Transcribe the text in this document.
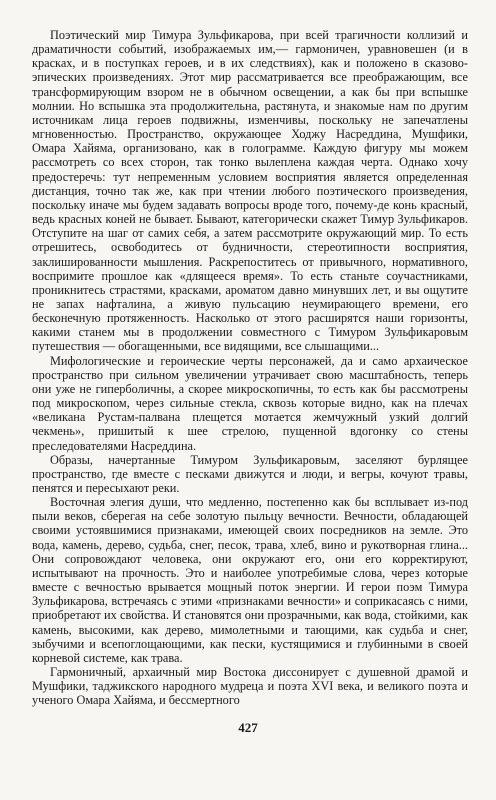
Поэтический мир Тимура Зульфикарова, при всей трагичности коллизий и драматичности событий, изображаемых им,— гармоничен, уравновешен (и в красках, и в поступках героев, и в их следствиях), как и положено в сказово-эпических произведениях. Этот мир рассматривается все преображающим, все трансформирующим взором не в обычном освещении, а как бы при вспышке молнии. Но вспышка эта продолжительна, растянута, и знакомые нам по другим источникам лица героев подвижны, изменчивы, поскольку не запечатлены мгновенностью. Пространство, окружающее Ходжу Насреддина, Мушфики, Омара Хайяма, организовано, как в голограмме. Каждую фигуру мы можем рассмотреть со всех сторон, так тонко вылеплена каждая черта. Однако хочу предостеречь: тут непременным условием восприятия является определенная дистанция, точно так же, как при чтении любого поэтического произведения, поскольку иначе мы будем задавать вопросы вроде того, почему-де конь красный, ведь красных коней не бывает. Бывают, категорически скажет Тимур Зульфикаров. Отступите на шаг от самих себя, а затем рассмотрите окружающий мир. То есть отрешитесь, освободитесь от будничности, стереотипности восприятия, заклишированности мышления. Раскрепоститесь от привычного, нормативного, воспримите прошлое как «длящееся время». То есть станьте соучастниками, проникнитесь страстями, красками, ароматом давно минувших лет, и вы ощутите не запах нафталина, а живую пульсацию неумирающего времени, его бесконечную протяженность. Насколько от этого расширятся наши горизонты, какими станем мы в продолжении совместного с Тимуром Зульфикаровым путешествия — обогащенными, все видящими, все слышащими...

Мифологические и героические черты персонажей, да и само архаическое пространство при сильном увеличении утрачивает свою масштабность, теперь они уже не гиперболичны, а скорее микроскопичны, то есть как бы рассмотрены под микроскопом, через сильные стекла, сквозь которые видно, как на плечах «великана Рустам-палвана плещется мотается жемчужный узкий долгий чекмень», пришитый к шее стрелою, пущенной вдогонку со стены преследователями Насреддина.

Образы, начертанные Тимуром Зульфикаровым, заселяют бурлящее пространство, где вместе с песками движутся и люди, и вегры, кочуют травы, пенятся и пересыхают реки.

Восточная элегия души, что медленно, постепенно как бы всплывает из-под пыли веков, сберегая на себе золотую пыльцу вечности. Вечности, обладающей своими устоявшимися признаками, имеющей своих посредников на земле. Это вода, камень, дерево, судьба, снег, песок, трава, хлеб, вино и рукотворная глина... Они сопровождают человека, они окружают его, они его корректируют, испытывают на прочность. Это и наиболее употребимые слова, через которые вместе с вечностью врывается мощный поток энергии. И герои поэм Тимура Зульфикарова, встречаясь с этими «признаками вечности» и соприкасаясь с ними, приобретают их свойства. И становятся они прозрачными, как вода, стойкими, как камень, высокими, как дерево, мимолетными и тающими, как судьба и снег, зыбучими и всепоглощающими, как пески, кустящимися и глубинными в своей корневой системе, как трава.

Гармоничный, архаичный мир Востока диссонирует с душевной драмой и Мушфики, таджикского народного мудреца и поэта XVI века, и великого поэта и ученого Омара Хайяма, и бессмертного

427
